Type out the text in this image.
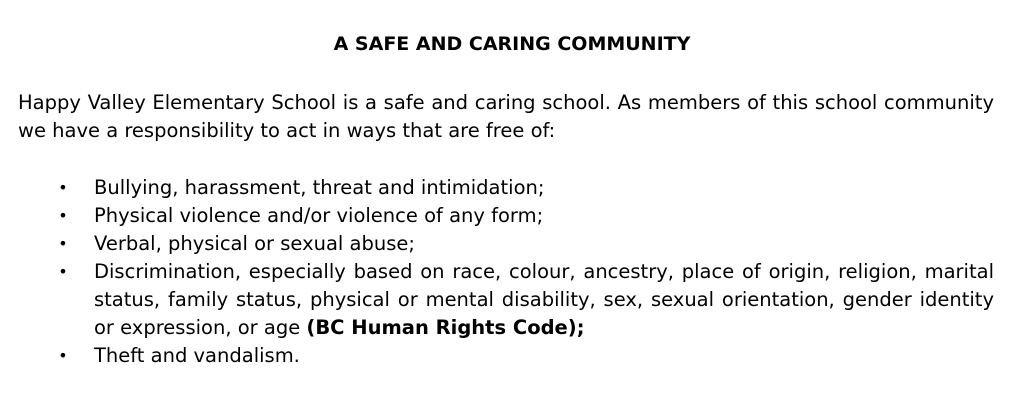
A SAFE AND CARING COMMUNITY

Happy Valley Elementary School is a safe and caring school. As members of this school community we have a responsibility to act in ways that are free of:

• Bullying, harassment, threat and intimidation;
• Physical violence and/or violence of any form;
• Verbal, physical or sexual abuse;
• Discrimination, especially based on race, colour, ancestry, place of origin, religion, marital status, family status, physical or mental disability, sex, sexual orientation, gender identity or expression, or age (BC Human Rights Code);
• Theft and vandalism.
